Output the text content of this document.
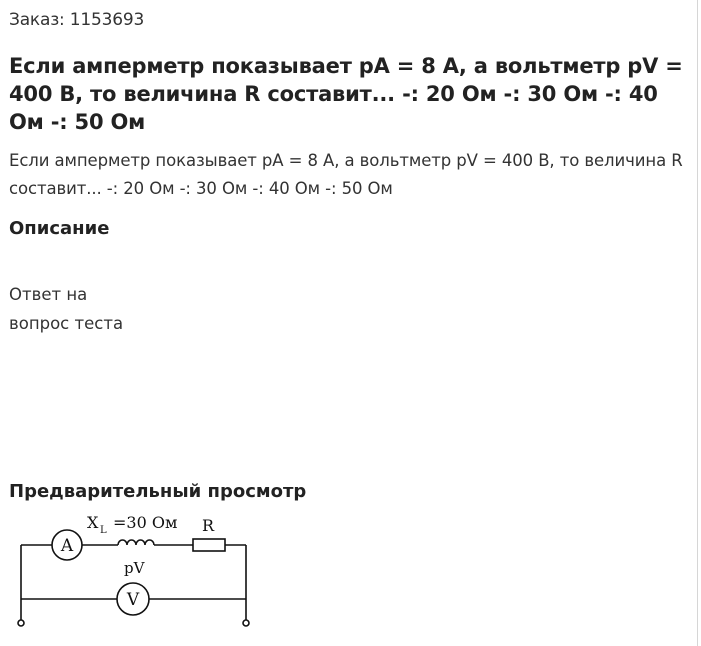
Заказ: 1153693
Если амперметр показывает pA = 8 А, а вольтметр pV = 400 В, то величина R составит... -: 20 Ом -: 30 Ом -: 40 Ом -: 50 Ом

Если амперметр показывает pA = 8 А, а вольтметр pV = 400 В, то величина R составит... -: 20 Ом -: 30 Ом -: 40 Ом -: 50 Ом

Описание
Ответ на
вопрос теста
Предварительный просмотр
A
V
X L =30 Ом R
pV
